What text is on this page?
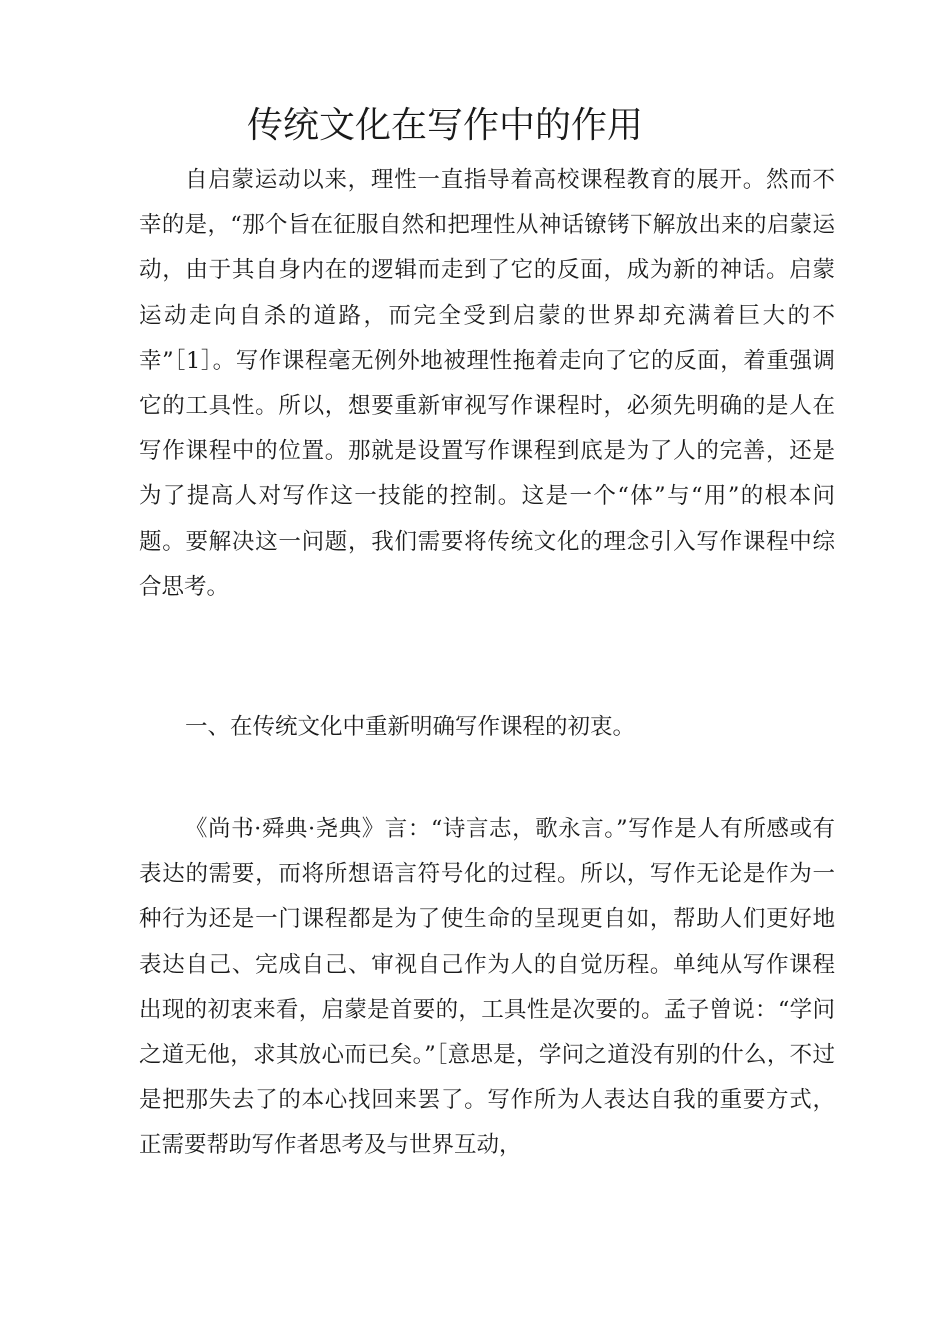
传统文化在写作中的作用

自启蒙运动以来，理性一直指导着高校课程教育的展开。然而不幸的是，“那个旨在征服自然和把理性从神话镣铐下解放出来的启蒙运动，由于其自身内在的逻辑而走到了它的反面，成为新的神话。启蒙运动走向自杀的道路，而完全受到启蒙的世界却充满着巨大的不幸”［1］。写作课程毫无例外地被理性拖着走向了它的反面，着重强调它的工具性。所以，想要重新审视写作课程时，必须先明确的是人在写作课程中的位置。那就是设置写作课程到底是为了人的完善，还是为了提高人对写作这一技能的控制。这是一个“体”与“用”的根本问题。要解决这一问题，我们需要将传统文化的理念引入写作课程中综合思考。

一、在传统文化中重新明确写作课程的初衷。

《尚书·舜典·尧典》言：“诗言志，歌永言。”写作是人有所感或有表达的需要，而将所想语言符号化的过程。所以，写作无论是作为一种行为还是一门课程都是为了使生命的呈现更自如，帮助人们更好地表达自己、完成自己、审视自己作为人的自觉历程。单纯从写作课程出现的初衷来看，启蒙是首要的，工具性是次要的。孟子曾说：“学问之道无他，求其放心而已矣。”［意思是，学问之道没有别的什么，不过是把那失去了的本心找回来罢了。写作所为人表达自我的重要方式，正需要帮助写作者思考及与世界互动，
